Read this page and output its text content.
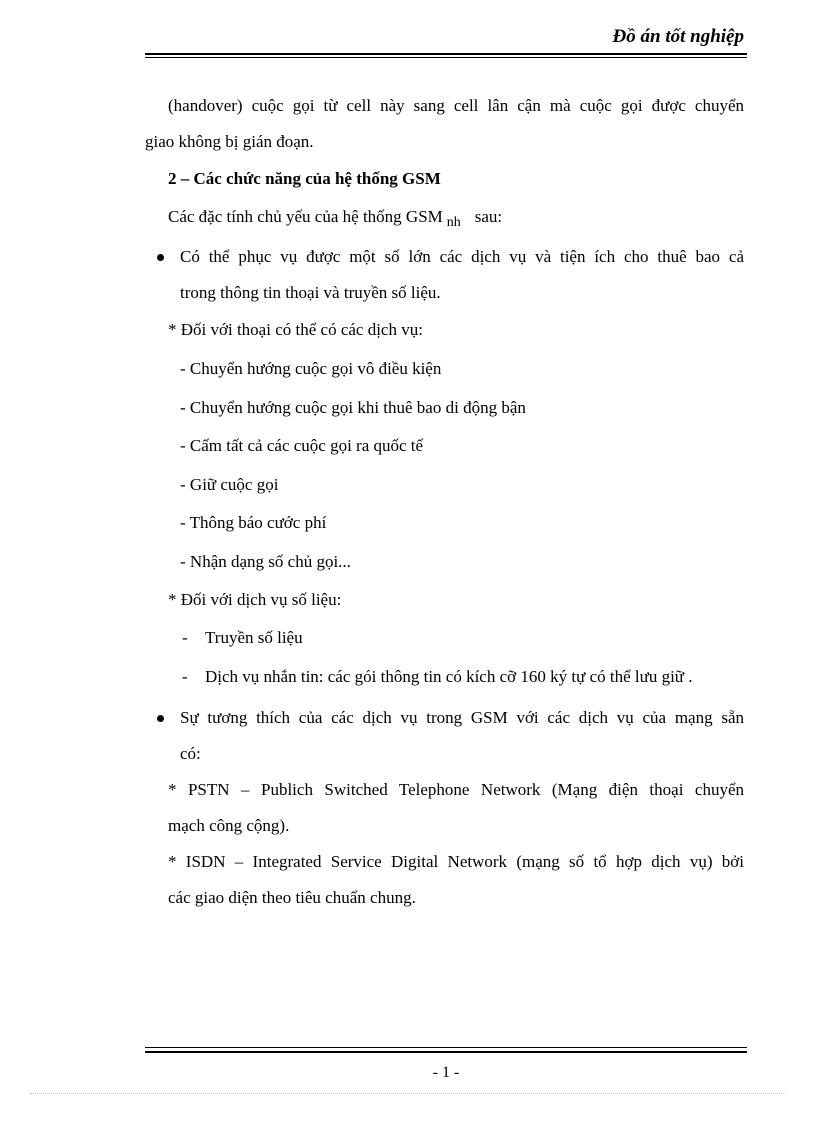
Đồ án tốt nghiệp
(handover) cuộc gọi từ cell này sang cell lân cận mà cuộc gọi được chuyển
giao không bị gián đoạn.
2 – Các chức năng của hệ thống GSM
Các đặc tính chủ yếu của hệ thống GSM $_{nh}$ sau:
Có thể phục vụ được một số lớn các dịch vụ và tiện ích cho thuê bao cả
trong thông tin thoại và truyền số liệu.
* Đối với thoại có thể có các dịch vụ:
- Chuyển hướng cuộc gọi vô điều kiện
- Chuyển hướng cuộc gọi khi thuê bao di động bận
- Cấm tất cả các cuộc gọi ra quốc tế
- Giữ cuộc gọi
- Thông báo cước phí
- Nhận dạng số chủ gọi...
* Đối với dịch vụ số liệu:
- Truyền số liệu
- Dịch vụ nhắn tin: các gói thông tin có kích cỡ 160 ký tự có thể lưu giữ .
Sự tương thích của các dịch vụ trong GSM với các dịch vụ của mạng sẵn
có:
* PSTN – Publich Switched Telephone Network (Mạng điện thoại chuyển
mạch công cộng).
* ISDN – Integrated Service Digital Network (mạng số tổ hợp dịch vụ) bởi
các giao diện theo tiêu chuẩn chung.
- 1 -
